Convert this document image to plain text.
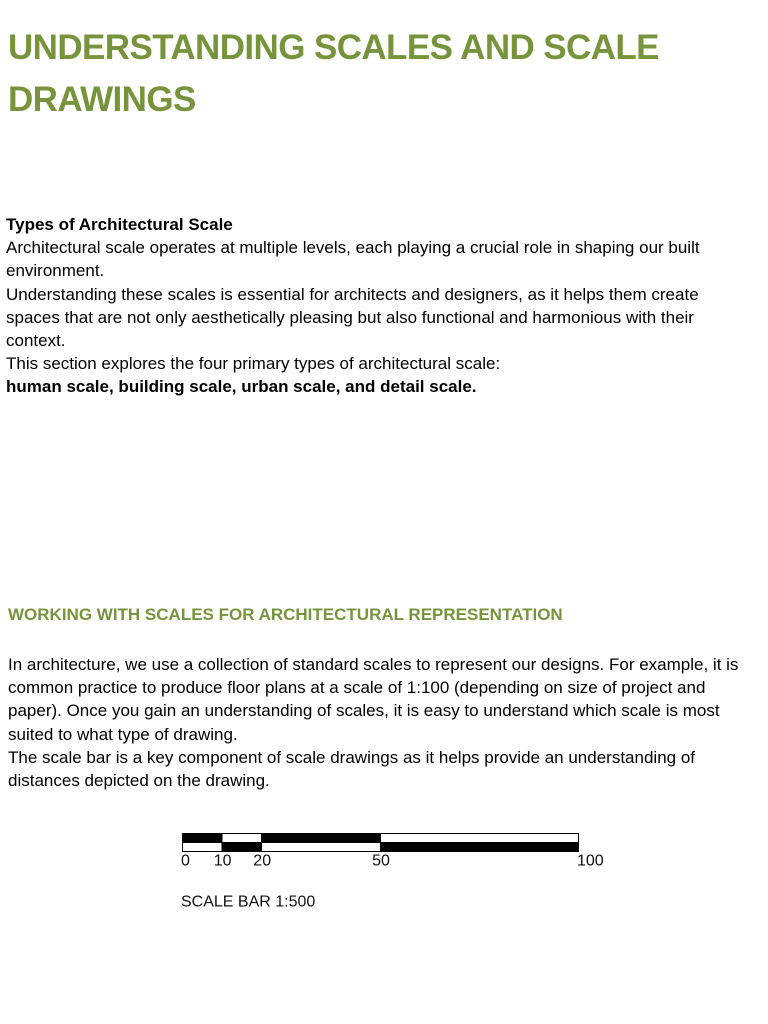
UNDERSTANDING SCALES AND SCALE DRAWINGS

Types of Architectural Scale

Architectural scale operates at multiple levels, each playing a crucial role in shaping our built environment.

Understanding these scales is essential for architects and designers, as it helps them create spaces that are not only aesthetically pleasing but also functional and harmonious with their context.

This section explores the four primary types of architectural scale:

human scale, building scale, urban scale, and detail scale.

WORKING WITH SCALES FOR ARCHITECTURAL REPRESENTATION

In architecture, we use a collection of standard scales to represent our designs. For example, it is common practice to produce floor plans at a scale of 1:100 (depending on size of project and paper). Once you gain an understanding of scales, it is easy to understand which scale is most suited to what type of drawing.

The scale bar is a key component of scale drawings as it helps provide an understanding of distances depicted on the drawing.

SCALE BAR 1:500
0 10 20	50	100
